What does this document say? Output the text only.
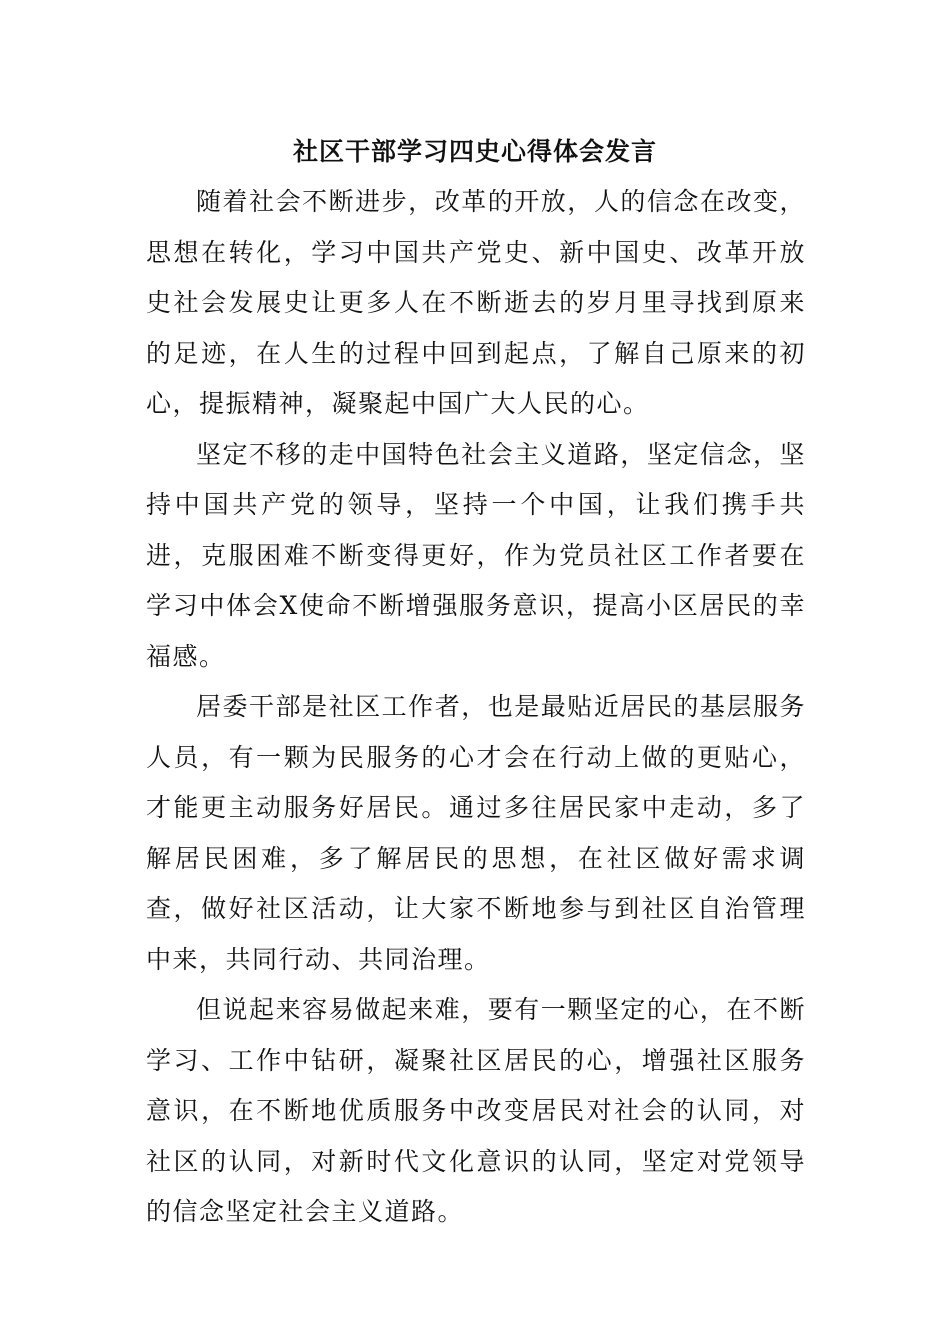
社区干部学习四史心得体会发言

随着社会不断进步，改革的开放，人的信念在改变，思想在转化，学习中国共产党史、新中国史、改革开放史社会发展史让更多人在不断逝去的岁月里寻找到原来的足迹，在人生的过程中回到起点，了解自己原来的初心，提振精神，凝聚起中国广大人民的心。

坚定不移的走中国特色社会主义道路，坚定信念，坚持中国共产党的领导，坚持一个中国，让我们携手共进，克服困难不断变得更好，作为党员社区工作者要在学习中体会X使命不断增强服务意识，提高小区居民的幸福感。

居委干部是社区工作者，也是最贴近居民的基层服务人员，有一颗为民服务的心才会在行动上做的更贴心，才能更主动服务好居民。通过多往居民家中走动，多了解居民困难，多了解居民的思想，在社区做好需求调查，做好社区活动，让大家不断地参与到社区自治管理中来，共同行动、共同治理。

但说起来容易做起来难，要有一颗坚定的心，在不断学习、工作中钻研，凝聚社区居民的心，增强社区服务意识，在不断地优质服务中改变居民对社会的认同，对社区的认同，对新时代文化意识的认同，坚定对党领导的信念坚定社会主义道路。
